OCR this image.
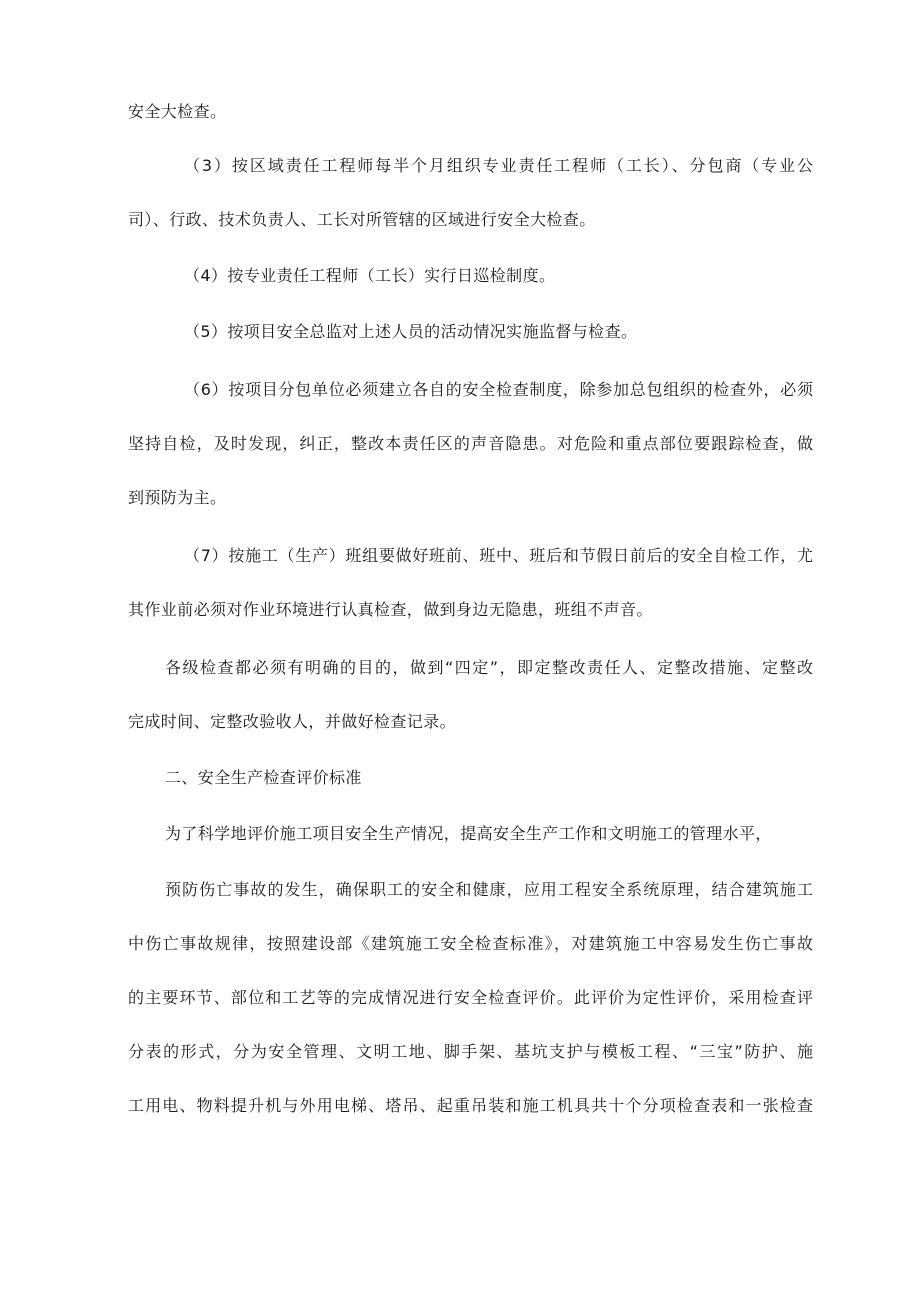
安全大检查。
（3）按区域责任工程师每半个月组织专业责任工程师（工长）、分包商（专业公
司）、行政、技术负责人、工长对所管辖的区域进行安全大检查。
（4）按专业责任工程师（工长）实行日巡检制度。
（5）按项目安全总监对上述人员的活动情况实施监督与检查。
（6）按项目分包单位必须建立各自的安全检查制度，除参加总包组织的检查外，必须
坚持自检，及时发现，纠正，整改本责任区的声音隐患。对危险和重点部位要跟踪检查，做
到预防为主。
（7）按施工（生产）班组要做好班前、班中、班后和节假日前后的安全自检工作，尤
其作业前必须对作业环境进行认真检查，做到身边无隐患，班组不声音。
各级检查都必须有明确的目的，做到“四定”，即定整改责任人、定整改措施、定整改
完成时间、定整改验收人，并做好检查记录。
二、安全生产检查评价标准
为了科学地评价施工项目安全生产情况，提高安全生产工作和文明施工的管理水平，
预防伤亡事故的发生，确保职工的安全和健康，应用工程安全系统原理，结合建筑施工
中伤亡事故规律，按照建设部《建筑施工安全检查标准》，对建筑施工中容易发生伤亡事故
的主要环节、部位和工艺等的完成情况进行安全检查评价。此评价为定性评价，采用检查评
分表的形式，分为安全管理、文明工地、脚手架、基坑支护与模板工程、“三宝”防护、施
工用电、物料提升机与外用电梯、塔吊、起重吊装和施工机具共十个分项检查表和一张检查
